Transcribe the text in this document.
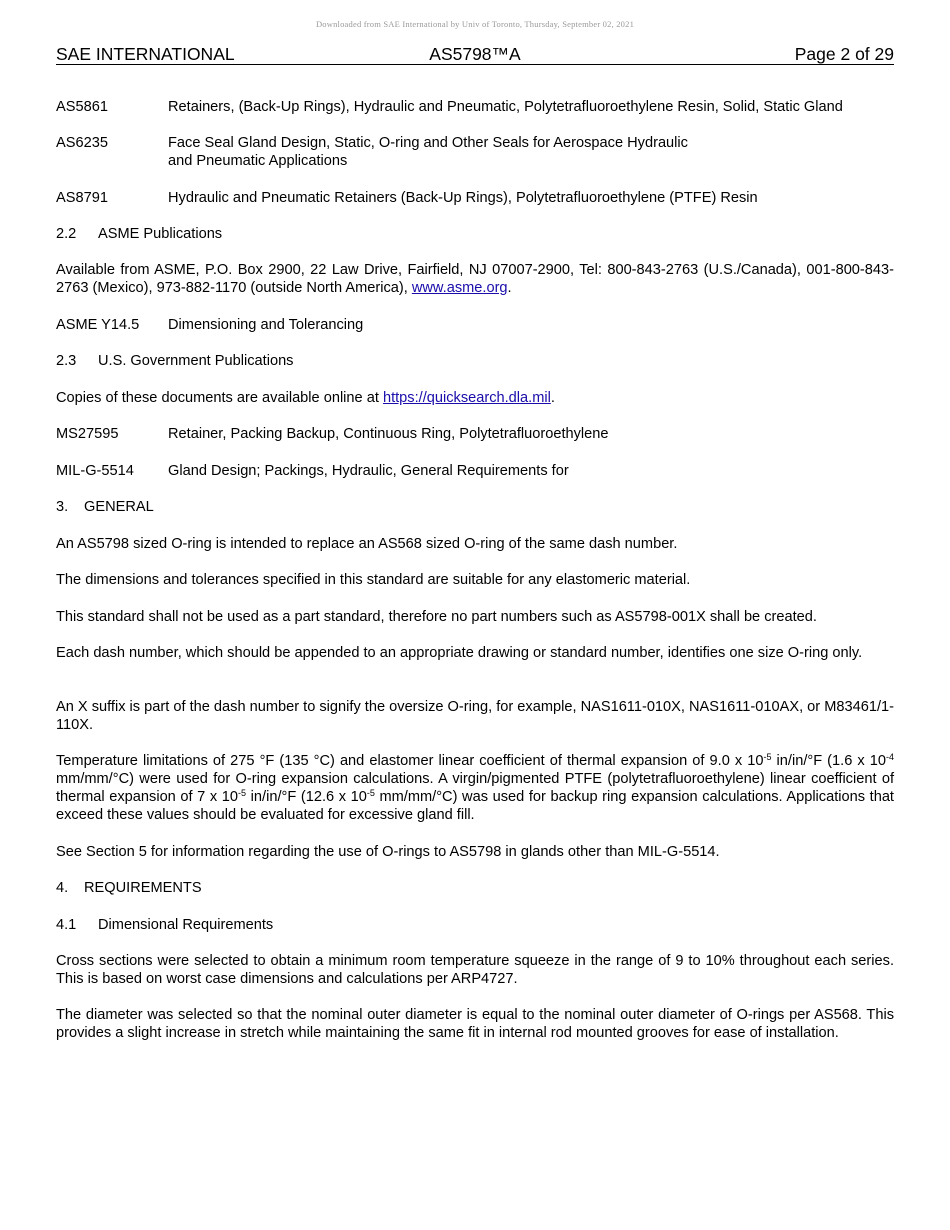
Downloaded from SAE International by Univ of Toronto, Thursday, September 02, 2021
SAE INTERNATIONAL	AS5798™A	Page 2 of 29
AS5861	Retainers, (Back-Up Rings), Hydraulic and Pneumatic, Polytetrafluoroethylene Resin, Solid, Static Gland
AS6235	Face Seal Gland Design, Static, O-ring and Other Seals for Aerospace Hydraulic
and Pneumatic Applications
AS8791	Hydraulic and Pneumatic Retainers (Back-Up Rings), Polytetrafluoroethylene (PTFE) Resin
2.2 ASME Publications
Available from ASME, P.O. Box 2900, 22 Law Drive, Fairfield, NJ 07007-2900, Tel: 800-843-2763 (U.S./Canada), 001-800-843-2763 (Mexico), 973-882-1170 (outside North America), www.asme.org.
ASME Y14.5	Dimensioning and Tolerancing
2.3 U.S. Government Publications
Copies of these documents are available online at https://quicksearch.dla.mil.
MS27595	Retainer, Packing Backup, Continuous Ring, Polytetrafluoroethylene
MIL-G-5514	Gland Design; Packings, Hydraulic, General Requirements for
3. GENERAL
An AS5798 sized O-ring is intended to replace an AS568 sized O-ring of the same dash number.
The dimensions and tolerances specified in this standard are suitable for any elastomeric material.
This standard shall not be used as a part standard, therefore no part numbers such as AS5798-001X shall be created.
Each dash number, which should be appended to an appropriate drawing or standard number, identifies one size O-ring only.
An X suffix is part of the dash number to signify the oversize O-ring, for example, NAS1611-010X, NAS1611-010AX, or M83461/1-110X.
Temperature limitations of 275 °F (135 °C) and elastomer linear coefficient of thermal expansion of 9.0 x $10^{-5}$ in/in/°F (1.6 x $10^{-4}$ mm/mm/°C) were used for O-ring expansion calculations. A virgin/pigmented PTFE (polytetrafluoroethylene) linear coefficient of thermal expansion of 7 x $10^{-5}$ in/in/°F (12.6 x $10^{-5}$ mm/mm/°C) was used for backup ring expansion calculations. Applications that exceed these values should be evaluated for excessive gland fill.
See Section 5 for information regarding the use of O-rings to AS5798 in glands other than MIL-G-5514.
4. REQUIREMENTS
4.1 Dimensional Requirements
Cross sections were selected to obtain a minimum room temperature squeeze in the range of 9 to 10% throughout each series. This is based on worst case dimensions and calculations per ARP4727.
The diameter was selected so that the nominal outer diameter is equal to the nominal outer diameter of O-rings per AS568. This provides a slight increase in stretch while maintaining the same fit in internal rod mounted grooves for ease of installation.
